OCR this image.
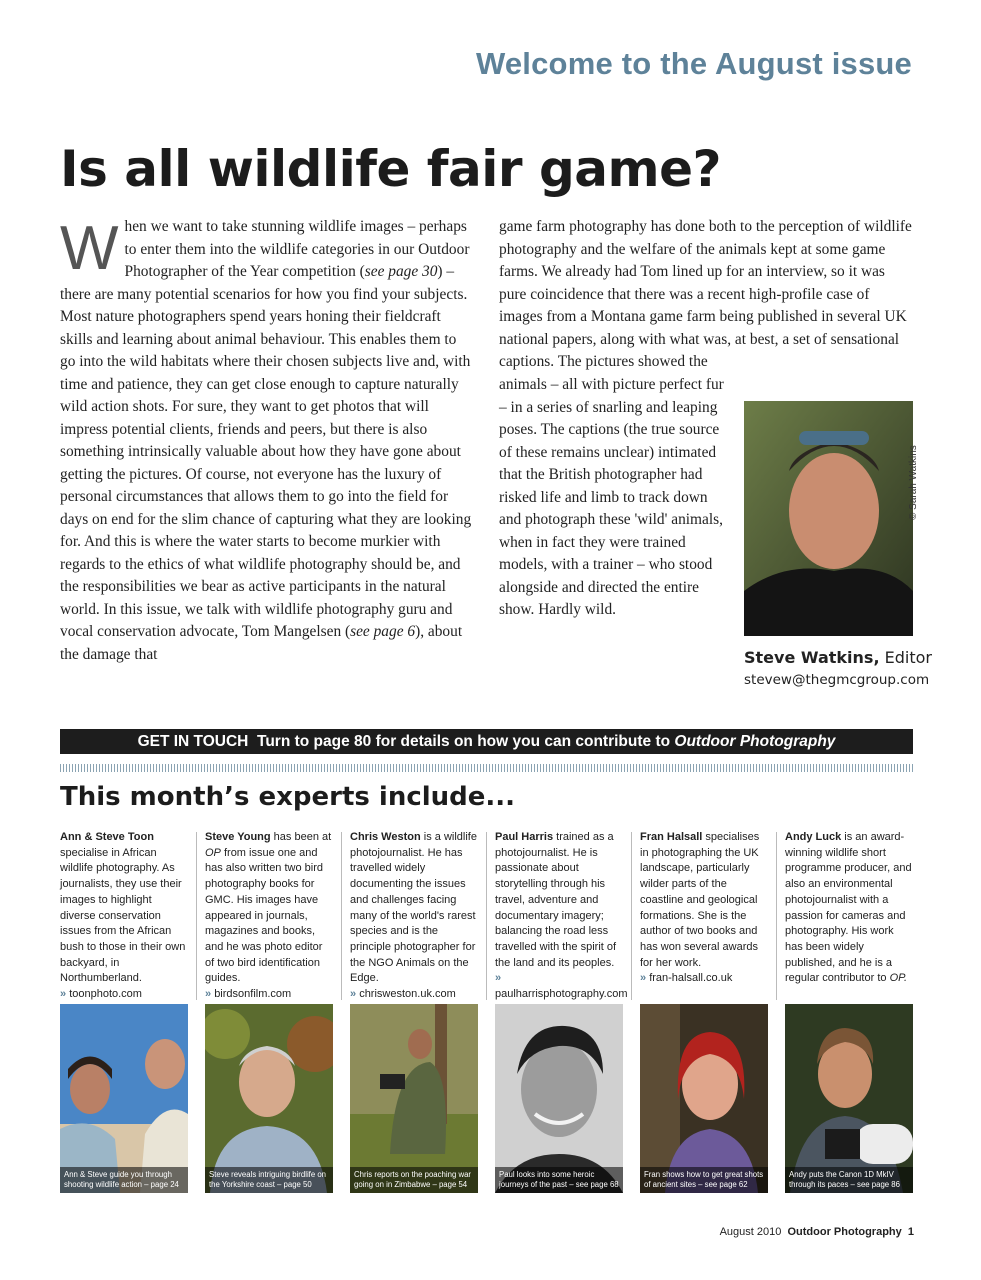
Welcome to the August issue
Is all wildlife fair game?

When we want to take stunning wildlife images – perhaps to enter them into the wildlife categories in our Outdoor Photographer of the Year competition (see page 30) – there are many potential scenarios for how you find your subjects. Most nature photographers spend years honing their fieldcraft skills and learning about animal behaviour. This enables them to go into the wild habitats where their chosen subjects live and, with time and patience, they can get close enough to capture naturally wild action shots. For sure, they want to get photos that will impress potential clients, friends and peers, but there is also something intrinsically valuable about how they have gone about getting the pictures. Of course, not everyone has the luxury of personal circumstances that allows them to go into the field for days on end for the slim chance of capturing what they are looking for. And this is where the water starts to become murkier with regards to the ethics of what wildlife photography should be, and the responsibilities we bear as active participants in the natural world. In this issue, we talk with wildlife photography guru and vocal conservation advocate, Tom Mangelsen (see page 6), about the damage that

game farm photography has done both to the perception of wildlife photography and the welfare of the animals kept at some game farms. We already had Tom lined up for an interview, so it was pure coincidence that there was a recent high-profile case of images from a Montana game farm being published in several UK national papers, along with what was, at best, a set of sensational captions. The pictures showed the

animals – all with picture perfect fur – in a series of snarling and leaping poses. The captions (the true source of these remains unclear) intimated that the British photographer had risked life and limb to track down and photograph these 'wild' animals, when in fact they were trained models, with a trainer – who stood alongside and directed the entire show. Hardly wild.

© Sarah Watkins
Steve Watkins, Editor
stevew@thegmcgroup.com
GET IN TOUCH Turn to page 80 for details on how you can contribute to Outdoor Photography
This month’s experts include...
Ann & Steve Toon specialise in African wildlife photography. As journalists, they use their images to highlight diverse conservation issues from the African bush to those in their own backyard, in Northumberland.
» toonphoto.com
Steve Young has been at OP from issue one and has also written two bird photography books for GMC. His images have appeared in journals, magazines and books, and he was photo editor of two bird identification guides.
» birdsonfilm.com
Chris Weston is a wildlife photojournalist. He has travelled widely documenting the issues and challenges facing many of the world's rarest species and is the principle photographer for the NGO Animals on the Edge.
» chrisweston.uk.com
Paul Harris trained as a photojournalist. He is passionate about storytelling through his travel, adventure and documentary imagery; balancing the road less travelled with the spirit of the land and its peoples.
» paulharrisphotography.com
Fran Halsall specialises in photographing the UK landscape, particularly wilder parts of the coastline and geological formations. She is the author of two books and has won several awards for her work.
» fran-halsall.co.uk
Andy Luck is an award- winning wildlife short programme producer, and also an environmental photojournalist with a passion for cameras and photography. His work has been widely published, and he is a regular contributor to OP.
Ann & Steve guide you through shooting wildlife action – page 24
Steve reveals intriguing birdlife on the Yorkshire coast – page 50
Chris reports on the poaching war going on in Zimbabwe – page 54
Paul looks into some heroic journeys of the past – see page 68
Fran shows how to get great shots of ancient sites – see page 62
Andy puts the Canon 1D MkIV through its paces – see page 86
August 2010 Outdoor Photography 1
